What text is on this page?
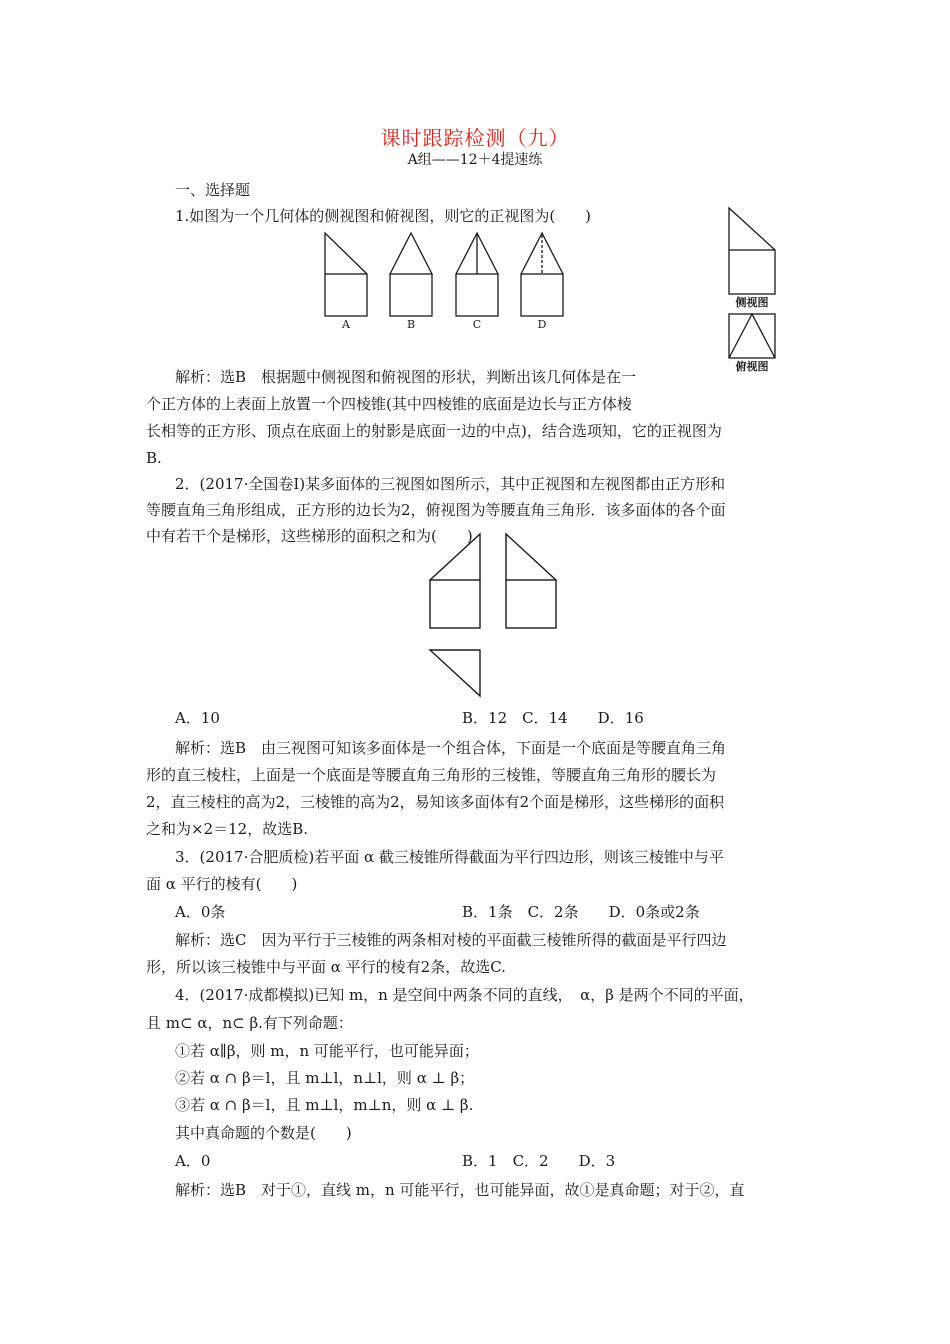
课时跟踪检测（九）
A组——12＋4提速练
一、选择题
1.如图为一个几何体的侧视图和俯视图，则它的正视图为(　　)
A	B	C	D
侧视图
俯视图
解析：选B　根据题中侧视图和俯视图的形状，判断出该几何体是在一
个正方体的上表面上放置一个四棱锥(其中四棱锥的底面是边长与正方体棱
长相等的正方形、顶点在底面上的射影是底面一边的中点)，结合选项知，它的正视图为
B.
2．(2017·全国卷Ⅰ)某多面体的三视图如图所示，其中正视图和左视图都由正方形和
等腰直角三角形组成，正方形的边长为2，俯视图为等腰直角三角形．该多面体的各个面
中有若干个是梯形，这些梯形的面积之和为(　　)
A．10	B．12　C．14　　D．16
解析：选B　由三视图可知该多面体是一个组合体，下面是一个底面是等腰直角三角
形的直三棱柱，上面是一个底面是等腰直角三角形的三棱锥，等腰直角三角形的腰长为
2，直三棱柱的高为2，三棱锥的高为2，易知该多面体有2个面是梯形，这些梯形的面积
之和为×2＝12，故选B.
3．(2017·合肥质检)若平面 α 截三棱锥所得截面为平行四边形，则该三棱锥中与平
面 α 平行的棱有(　　)
A．0条	B．1条　C．2条　　D．0条或2条
解析：选C　因为平行于三棱锥的两条相对棱的平面截三棱锥所得的截面是平行四边
形，所以该三棱锥中与平面 α 平行的棱有2条，故选C.
4．(2017·成都模拟)已知 m，n 是空间中两条不同的直线，　α，β 是两个不同的平面，
且 m⊂ α，n⊂ β.有下列命题：
①若 α∥β，则 m，n 可能平行，也可能异面；
②若 α ∩ β＝l，且 m⊥l，n⊥l，则 α ⊥ β；
③若 α ∩ β＝l，且 m⊥l，m⊥n，则 α ⊥ β.
其中真命题的个数是(　　)
A．0	B．1　C．2　　D．3
解析：选B　对于①，直线 m，n 可能平行，也可能异面，故①是真命题；对于②，直
